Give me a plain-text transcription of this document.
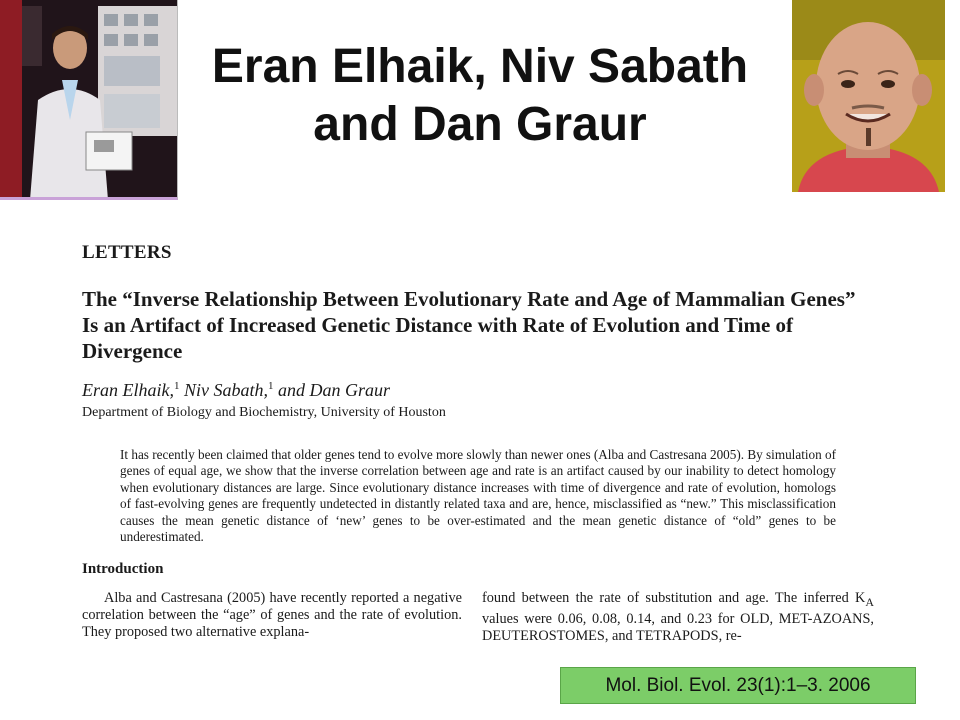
Eran Elhaik, Niv Sabath
and Dan Graur
LETTERS
The “Inverse Relationship Between Evolutionary Rate and Age of Mammalian Genes” Is an Artifact of Increased Genetic Distance with Rate of Evolution and Time of Divergence
Eran Elhaik,$^1$ Niv Sabath,$^1$ and Dan Graur
Department of Biology and Biochemistry, University of Houston

It has recently been claimed that older genes tend to evolve more slowly than newer ones (Alba and Castresana 2005). By simulation of genes of equal age, we show that the inverse correlation between age and rate is an artifact caused by our inability to detect homology when evolutionary distances are large. Since evolutionary distance increases with time of divergence and rate of evolution, homologs of fast-evolving genes are frequently undetected in distantly related taxa and are, hence, misclassified as “new.” This misclassification causes the mean genetic distance of ‘new’ genes to be over-estimated and the mean genetic distance of “old” genes to be underestimated.

Introduction

Alba and Castresana (2005) have recently reported a negative correlation between the “age” of genes and the rate of evolution. They proposed two alternative explana-

found between the rate of substitution and age. The inferred $K_A$ values were 0.06, 0.08, 0.14, and 0.23 for OLD, MET-AZOANS, DEUTEROSTOMES, and TETRAPODS, re-

Mol. Biol. Evol. 23(1):1–3. 2006
